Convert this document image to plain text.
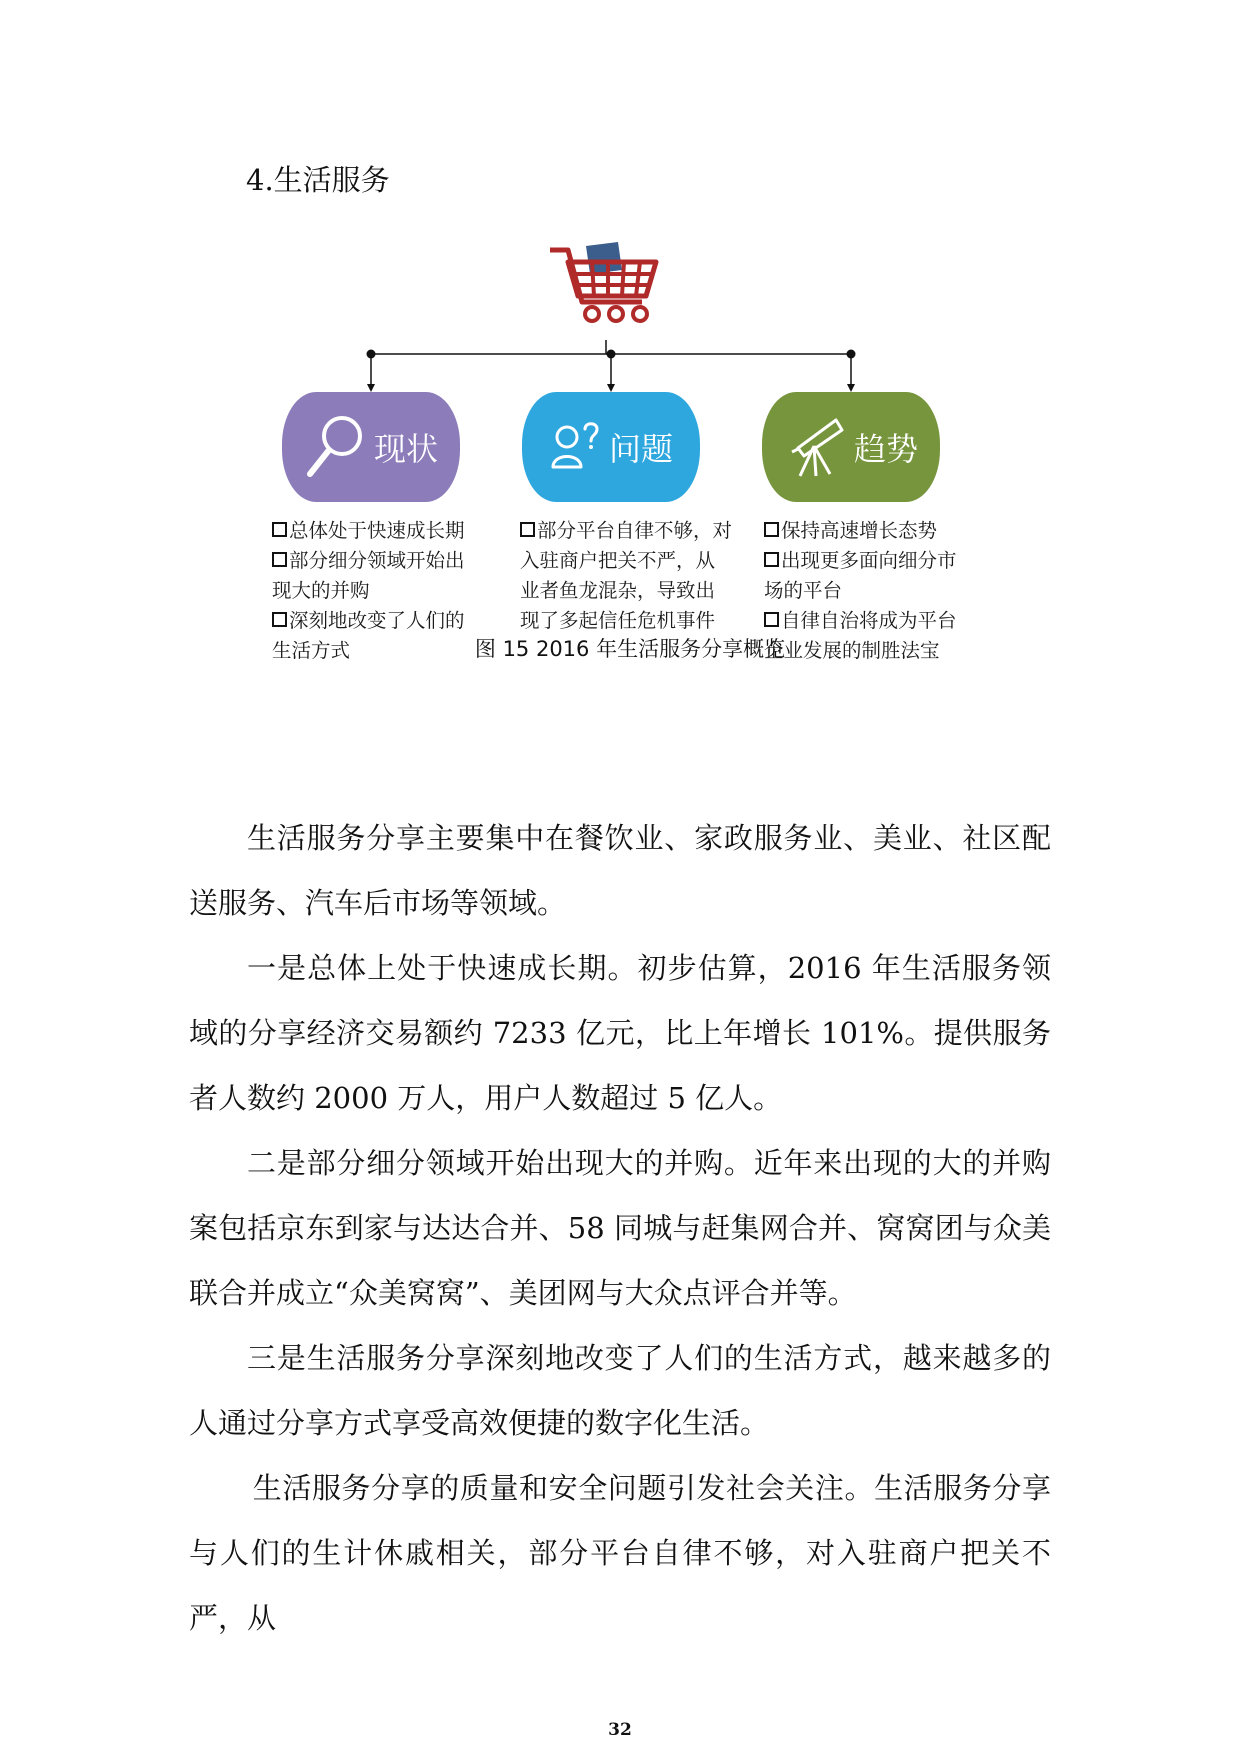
4.生活服务
现状	问题	趋势
总体处于快速成长期
部分细分领域开始出现大的并购
深刻地改变了人们的生活方式
部分平台自律不够，对入驻商户把关不严，从业者鱼龙混杂，导致出现了多起信任危机事件
保持高速增长态势
出现更多面向细分市场的平台
自律自治将成为平台企业发展的制胜法宝

图 15 2016 年生活服务分享概览

生活服务分享主要集中在餐饮业、家政服务业、美业、社区配送服务、汽车后市场等领域。

一是总体上处于快速成长期。初步估算，2016 年生活服务领域的分享经济交易额约 7233 亿元，比上年增长 101%。提供服务者人数约 2000 万人，用户人数超过 5 亿人。

二是部分细分领域开始出现大的并购。近年来出现的大的并购案包括京东到家与达达合并、58 同城与赶集网合并、窝窝团与众美联合并成立“众美窝窝”、美团网与大众点评合并等。

三是生活服务分享深刻地改变了人们的生活方式，越来越多的人通过分享方式享受高效便捷的数字化生活。

生活服务分享的质量和安全问题引发社会关注。生活服务分享与人们的生计休戚相关，部分平台自律不够，对入驻商户把关不严，从

32
